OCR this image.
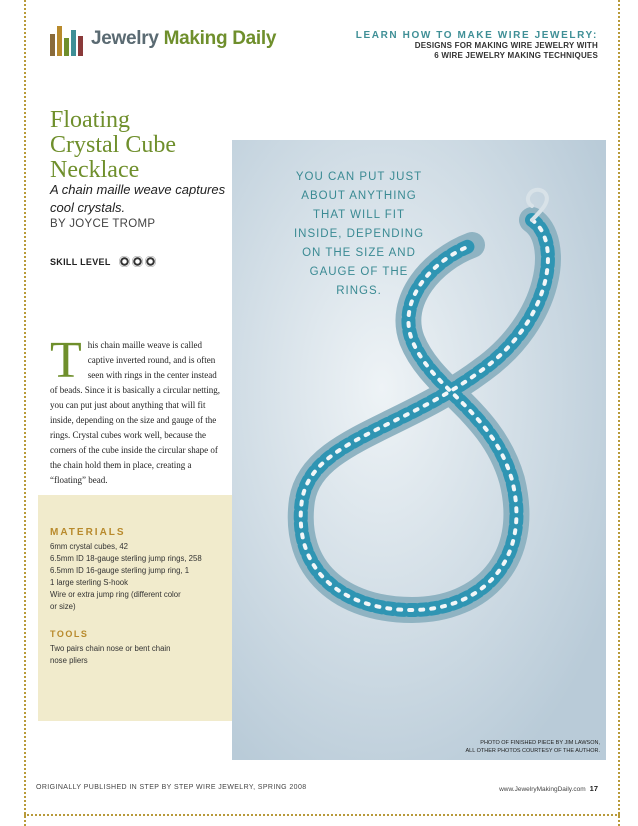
Jewelry Making Daily	LEARN HOW TO MAKE WIRE JEWELRY:
DESIGNS FOR MAKING WIRE JEWELRY WITH
6 WIRE JEWELRY MAKING TECHNIQUES
Floating
Crystal Cube
Necklace
A chain maille weave captures cool crystals.
BY JOYCE TROMP
SKILL LEVEL
YOU CAN PUT JUST ABOUT ANYTHING THAT WILL FIT INSIDE, DEPENDING ON THE SIZE AND GAUGE OF THE RINGS.
This chain maille weave is called captive inverted round, and is often seen with rings in the center instead of beads. Since it is basically a circular netting, you can put just about anything that will fit inside, depending on the size and gauge of the rings. Crystal cubes work well, because the corners of the cube inside the circular shape of the chain hold them in place, creating a “floating” bead.
MATERIALS
6mm crystal cubes, 42
6.5mm ID 18-gauge sterling jump rings, 258
6.5mm ID 16-gauge sterling jump ring, 1
1 large sterling S-hook
Wire or extra jump ring (different color
or size)
TOOLS
Two pairs chain nose or bent chain
nose pliers
PHOTO OF FINISHED PIECE BY JIM LAWSON,
ALL OTHER PHOTOS COURTESY OF THE AUTHOR.
ORIGINALLY PUBLISHED IN STEP BY STEP WIRE JEWELRY, SPRING 2008	www.JewelryMakingDaily.com 17
